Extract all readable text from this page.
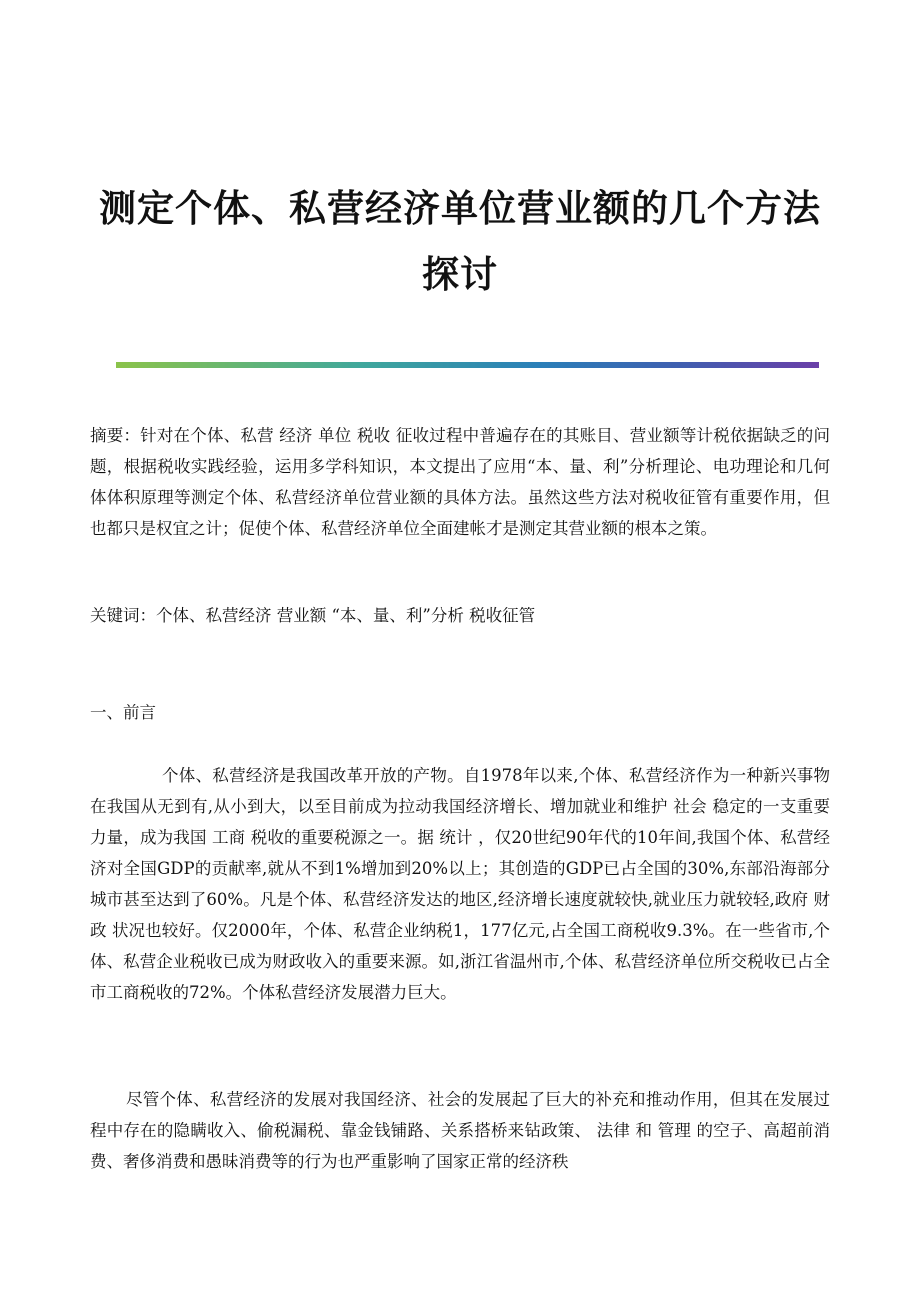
测定个体、私营经济单位营业额的几个方法
探讨

摘要：针对在个体、私营 经济 单位 税收 征收过程中普遍存在的其账目、营业额等计税依据缺乏的问题，根据税收实践经验，运用多学科知识，本文提出了应用“本、量、利”分析理论、电功理论和几何体体积原理等测定个体、私营经济单位营业额的具体方法。虽然这些方法对税收征管有重要作用，但也都只是权宜之计；促使个体、私营经济单位全面建帐才是测定其营业额的根本之策。

关键词：个体、私营经济 营业额 “本、量、利”分析 税收征管

一、前言

个体、私营经济是我国改革开放的产物。自1978年以来,个体、私营经济作为一种新兴事物在我国从无到有,从小到大，以至目前成为拉动我国经济增长、增加就业和维护 社会 稳定的一支重要力量，成为我国 工商 税收的重要税源之一。据 统计 ，仅20世纪90年代的10年间,我国个体、私营经济对全国GDP的贡献率,就从不到1%增加到20%以上；其创造的GDP已占全国的30%,东部沿海部分城市甚至达到了60%。凡是个体、私营经济发达的地区,经济增长速度就较快,就业压力就较轻,政府 财政 状况也较好。仅2000年，个体、私营企业纳税1，177亿元,占全国工商税收9.3%。在一些省市,个体、私营企业税收已成为财政收入的重要来源。如,浙江省温州市,个体、私营经济单位所交税收已占全市工商税收的72%。个体私营经济发展潜力巨大。

尽管个体、私营经济的发展对我国经济、社会的发展起了巨大的补充和推动作用，但其在发展过程中存在的隐瞒收入、偷税漏税、靠金钱铺路、关系搭桥来钻政策、 法律 和 管理 的空子、高超前消费、奢侈消费和愚昧消费等的行为也严重影响了国家正常的经济秩
